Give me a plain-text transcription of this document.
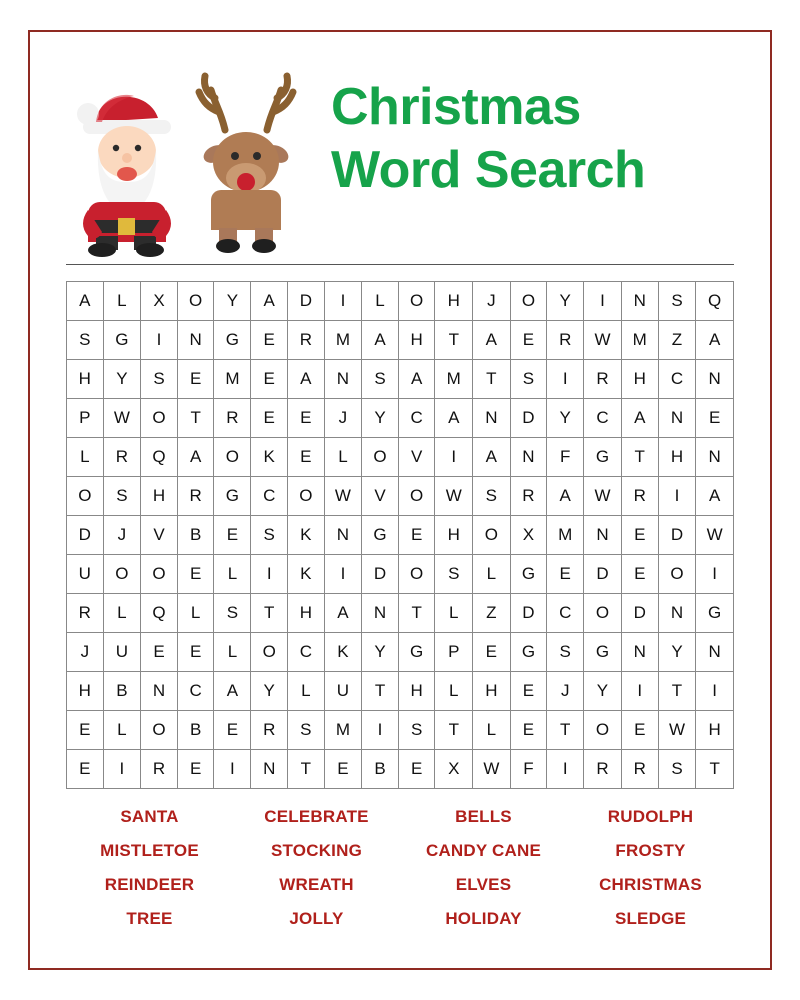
Christmas
Word Search
A	L	X	O	Y	A	D	I	L	O	H	J	O	Y	I	N	S	Q
S	G	I	N	G	E	R	M	A	H	T	A	E	R	W	M	Z	A
H	Y	S	E	M	E	A	N	S	A	M	T	S	I	R	H	C	N
P	W	O	T	R	E	E	J	Y	C	A	N	D	Y	C	A	N	E
L	R	Q	A	O	K	E	L	O	V	I	A	N	F	G	T	H	N
O	S	H	R	G	C	O	W	V	O	W	S	R	A	W	R	I	A
D	J	V	B	E	S	K	N	G	E	H	O	X	M	N	E	D	W
U	O	O	E	L	I	K	I	D	O	S	L	G	E	D	E	O	I
R	L	Q	L	S	T	H	A	N	T	L	Z	D	C	O	D	N	G
J	U	E	E	L	O	C	K	Y	G	P	E	G	S	G	N	Y	N
H	B	N	C	A	Y	L	U	T	H	L	H	E	J	Y	I	T	I
E	L	O	B	E	R	S	M	I	S	T	L	E	T	O	E	W	H
E	I	R	E	I	N	T	E	B	E	X	W	F	I	R	R	S	T
SANTA	CELEBRATE	BELLS	RUDOLPH
MISTLETOE	STOCKING	CANDY CANE	FROSTY
REINDEER	WREATH	ELVES	CHRISTMAS
TREE	JOLLY	HOLIDAY	SLEDGE
